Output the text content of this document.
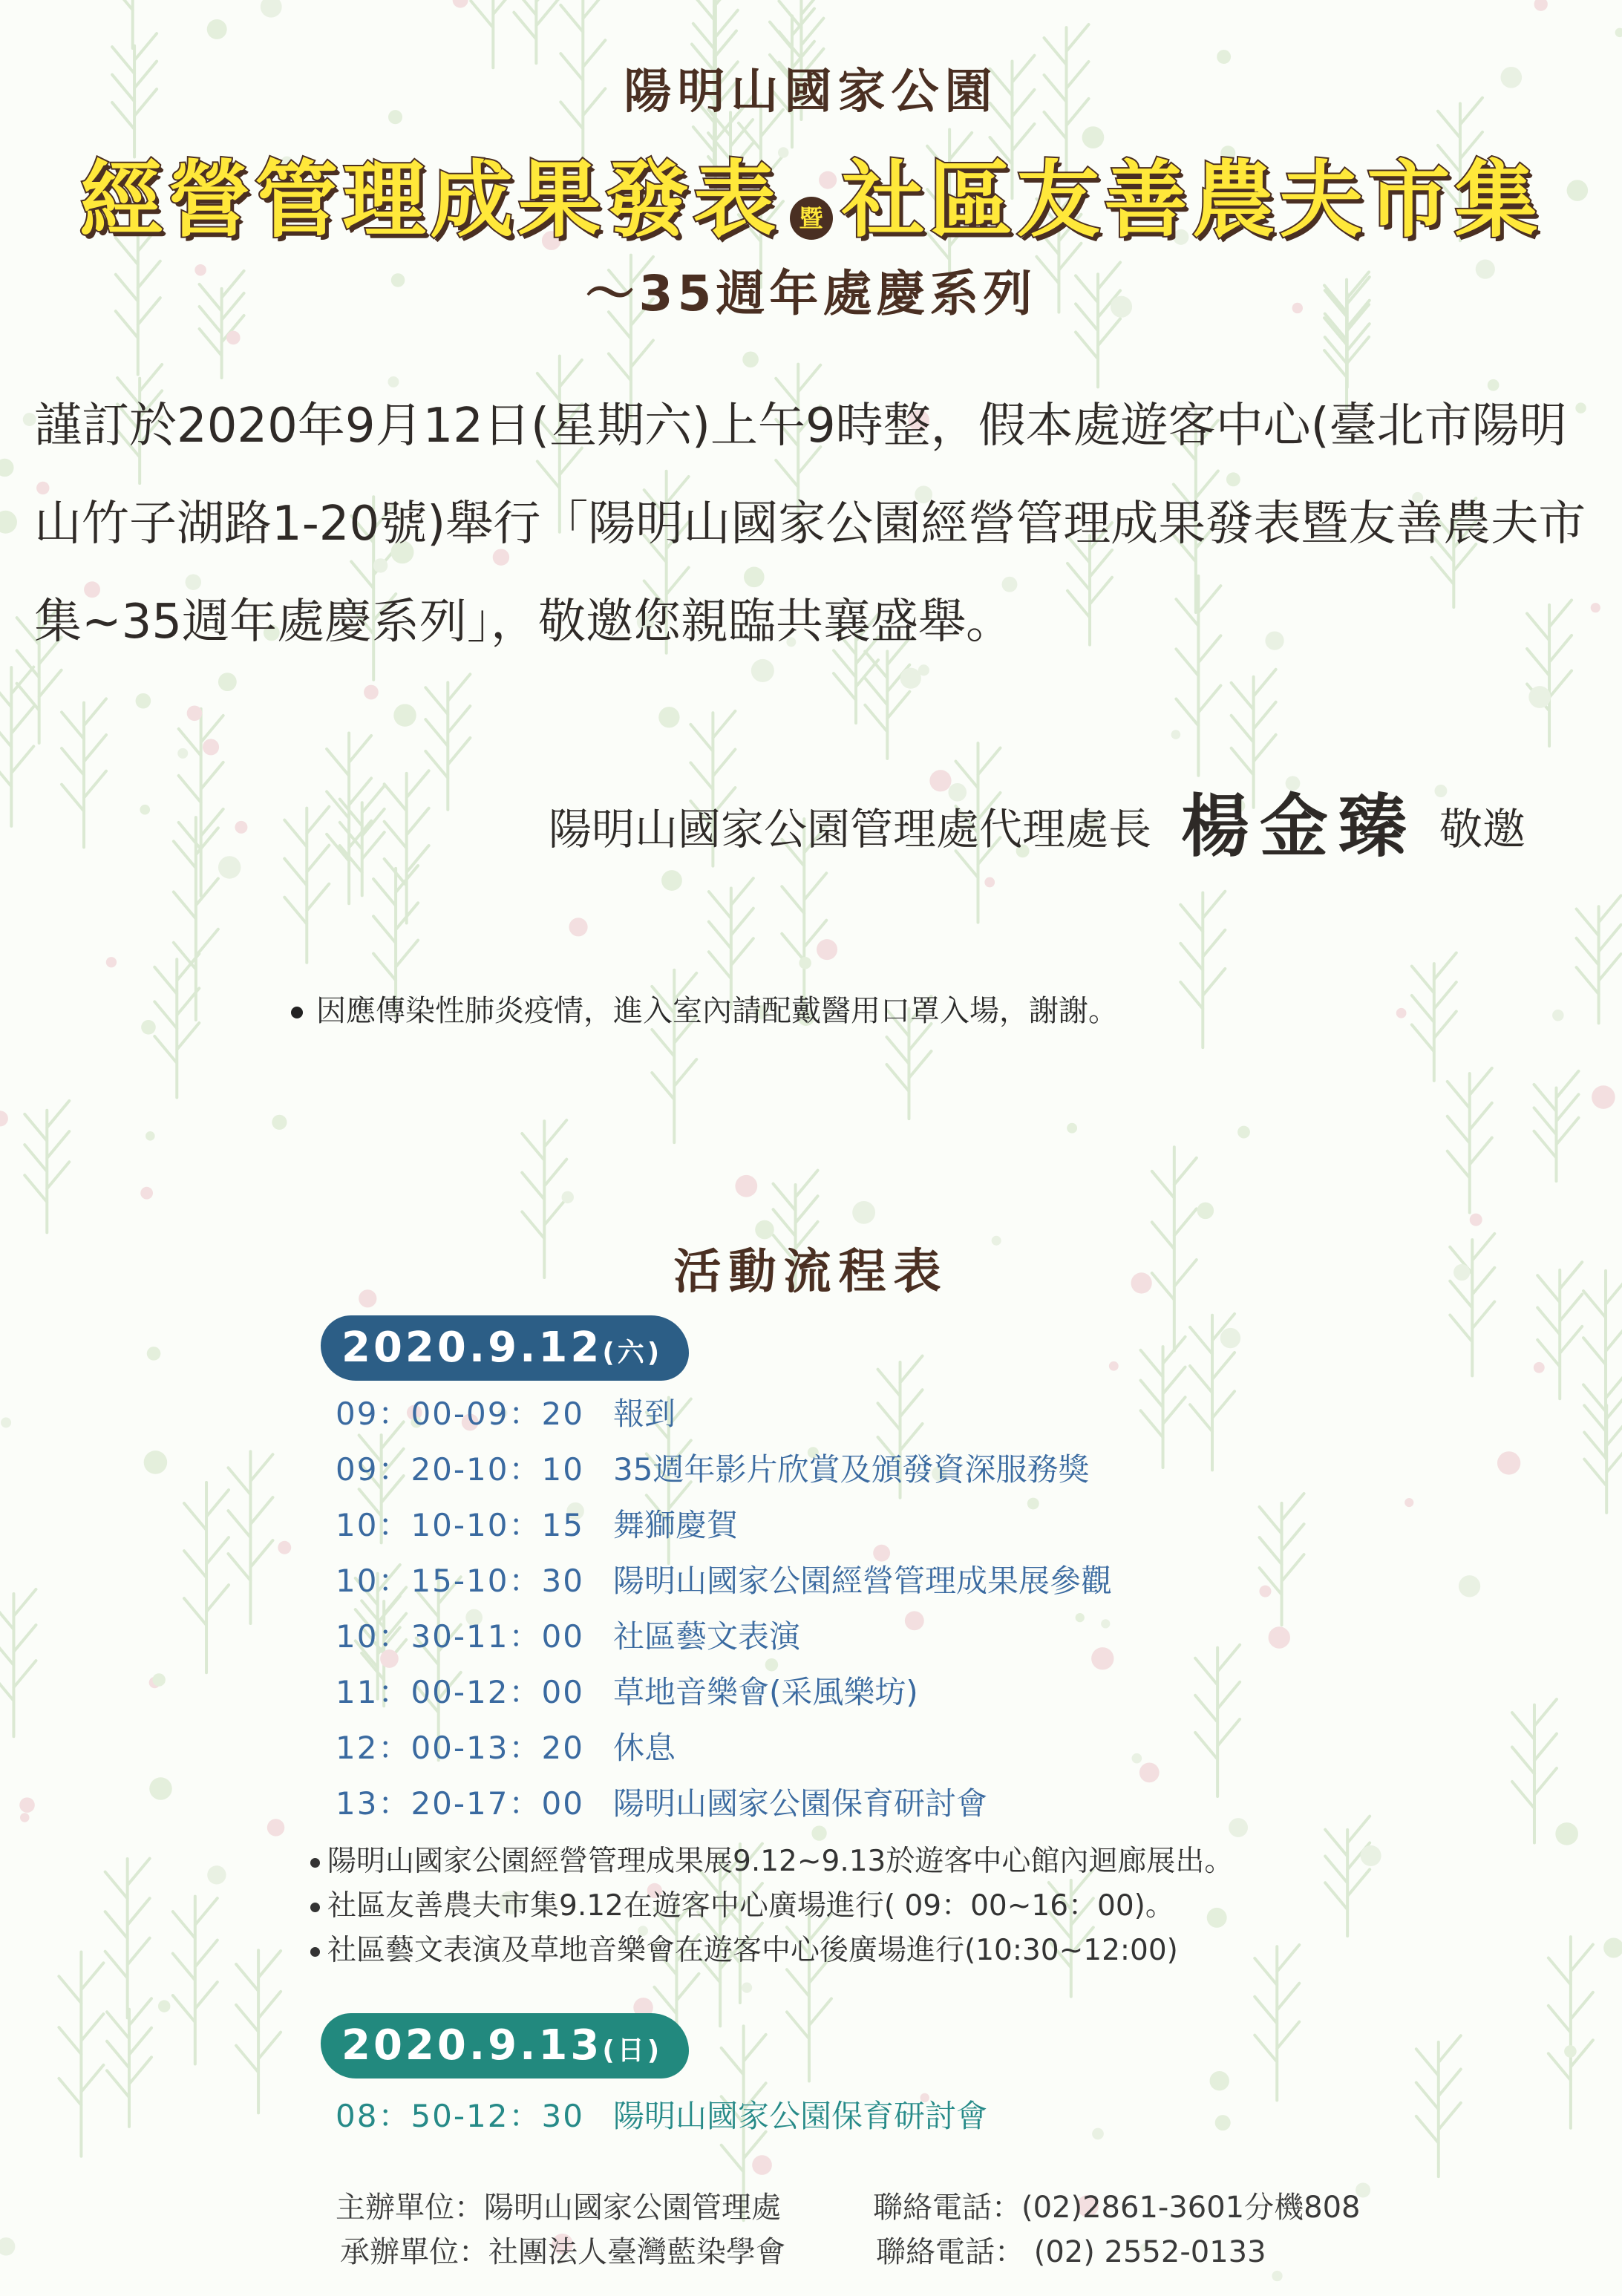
陽明山國家公園
經營管理成果發表 暨 社區友善農夫市集
～35週年處慶系列
謹訂於2020年9月12日(星期六)上午9時整，假本處遊客中心(臺北市陽明山竹子湖路1-20號)舉行「陽明山國家公園經營管理成果發表暨友善農夫市集~35週年處慶系列」，敬邀您親臨共襄盛舉。
陽明山國家公園管理處代理處長 楊金臻 敬邀
因應傳染性肺炎疫情，進入室內請配戴醫用口罩入場，謝謝。
活動流程表
2020.9.12(六)
09：00-09：20 報到
09：20-10：10 35週年影片欣賞及頒發資深服務獎
10：10-10：15 舞獅慶賀
10：15-10：30 陽明山國家公園經營管理成果展參觀
10：30-11：00 社區藝文表演
11：00-12：00 草地音樂會(采風樂坊)
12：00-13：20 休息
13：20-17：00 陽明山國家公園保育研討會
陽明山國家公園經營管理成果展9.12~9.13於遊客中心館內迴廊展出。
社區友善農夫市集9.12在遊客中心廣場進行( 09：00~16：00)。
社區藝文表演及草地音樂會在遊客中心後廣場進行(10:30~12:00)
2020.9.13(日)
08：50-12：30 陽明山國家公園保育研討會
主辦單位：陽明山國家公園管理處
承辦單位：社團法人臺灣藍染學會
聯絡電話：(02)2861-3601分機808
聯絡電話： (02) 2552-0133
